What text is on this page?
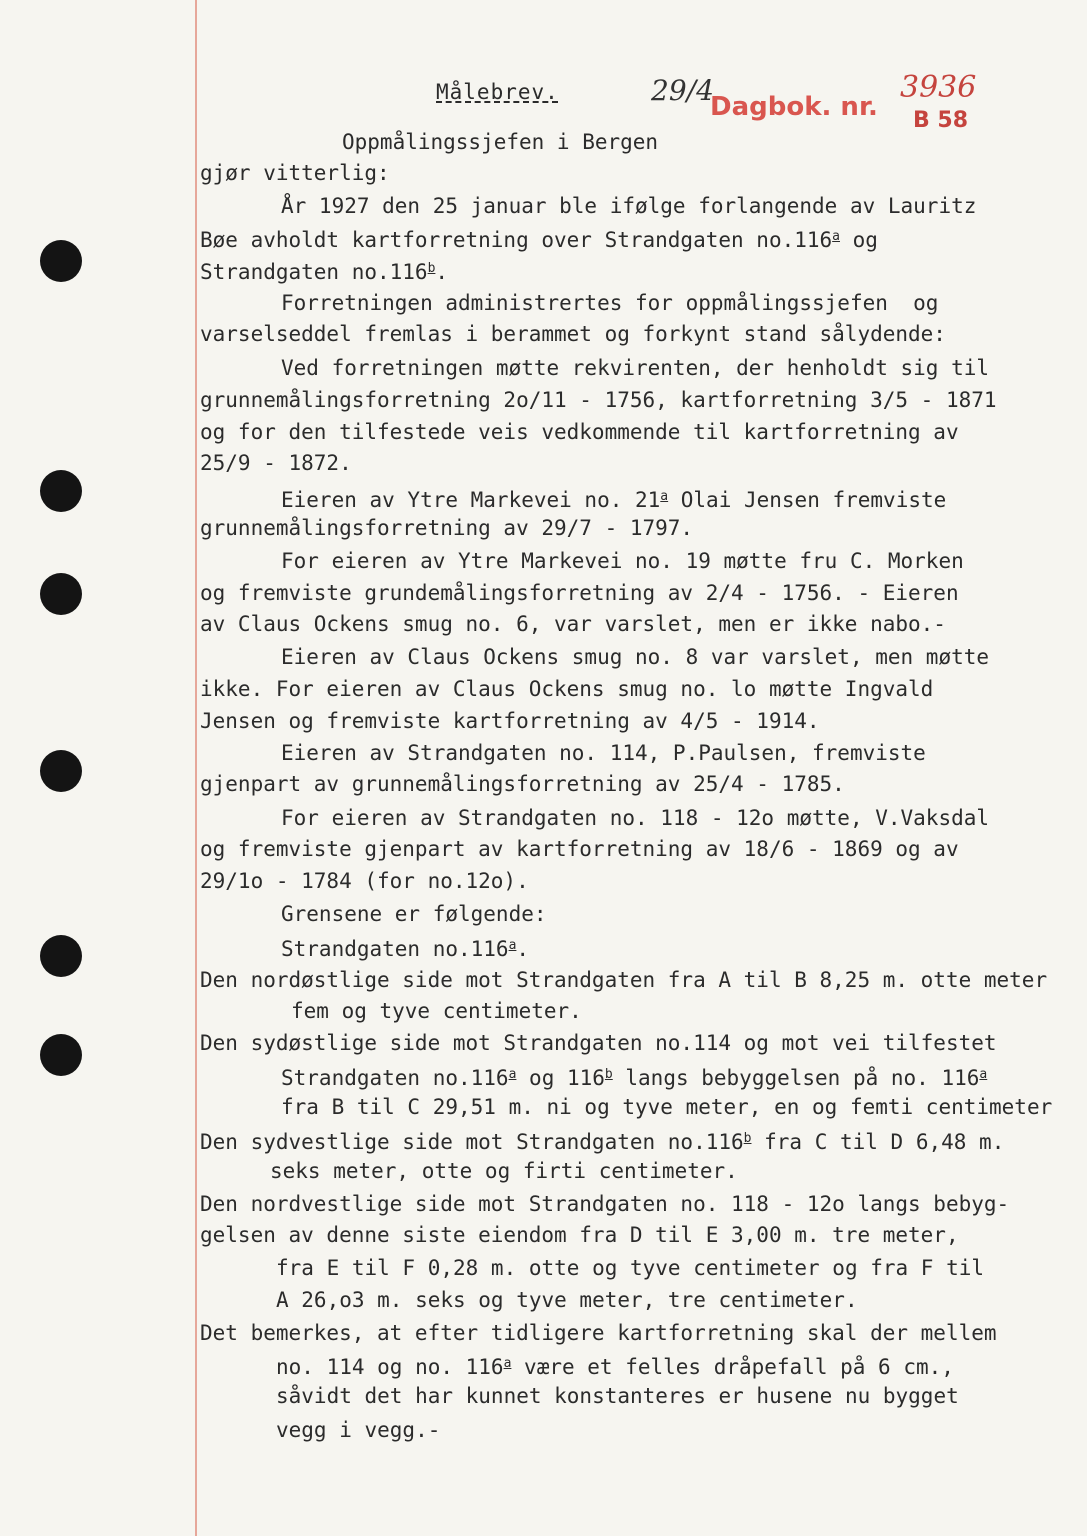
Målebrev.	29/4
Dagbok. nr.
3936
B 58
Oppmålingssjefen i Bergen
gjør vitterlig:
År 1927 den 25 januar ble ifølge forlangende av Lauritz
Bøe avholdt kartforretning over Strandgaten no.116$^a$ og
Strandgaten no.116$^b$.
Forretningen administrertes for oppmålingssjefen  og
varselseddel fremlas i berammet og forkynt stand sålydende:
Ved forretningen møtte rekvirenten, der henholdt sig til
grunnemålingsforretning 2o/11 - 1756, kartforretning 3/5 - 1871
og for den tilfestede veis vedkommende til kartforretning av
25/9 - 1872.
Eieren av Ytre Markevei no. 21$^a$ Olai Jensen fremviste
grunnemålingsforretning av 29/7 - 1797.
For eieren av Ytre Markevei no. 19 møtte fru C. Morken
og fremviste grundemålingsforretning av 2/4 - 1756. - Eieren
av Claus Ockens smug no. 6, var varslet, men er ikke nabo.-
Eieren av Claus Ockens smug no. 8 var varslet, men møtte
ikke. For eieren av Claus Ockens smug no. lo møtte Ingvald
Jensen og fremviste kartforretning av 4/5 - 1914.
Eieren av Strandgaten no. 114, P.Paulsen, fremviste
gjenpart av grunnemålingsforretning av 25/4 - 1785.
For eieren av Strandgaten no. 118 - 12o møtte, V.Vaksdal
og fremviste gjenpart av kartforretning av 18/6 - 1869 og av
29/1o - 1784 (for no.12o).
Grensene er følgende:
Strandgaten no.116$^a$.
Den nordøstlige side mot Strandgaten fra A til B 8,25 m. otte meter
fem og tyve centimeter.
Den sydøstlige side mot Strandgaten no.114 og mot vei tilfestet
Strandgaten no.116$^a$ og 116$^b$ langs bebyggelsen på no. 116$^a$
fra B til C 29,51 m. ni og tyve meter, en og femti centimeter
Den sydvestlige side mot Strandgaten no.116$^b$ fra C til D 6,48 m.
seks meter, otte og firti centimeter.
Den nordvestlige side mot Strandgaten no. 118 - 12o langs bebyg-
gelsen av denne siste eiendom fra D til E 3,00 m. tre meter,
fra E til F 0,28 m. otte og tyve centimeter og fra F til
A 26,o3 m. seks og tyve meter, tre centimeter.
Det bemerkes, at efter tidligere kartforretning skal der mellem
no. 114 og no. 116$^a$ være et felles dråpefall på 6 cm.,
såvidt det har kunnet konstanteres er husene nu bygget
vegg i vegg.-
